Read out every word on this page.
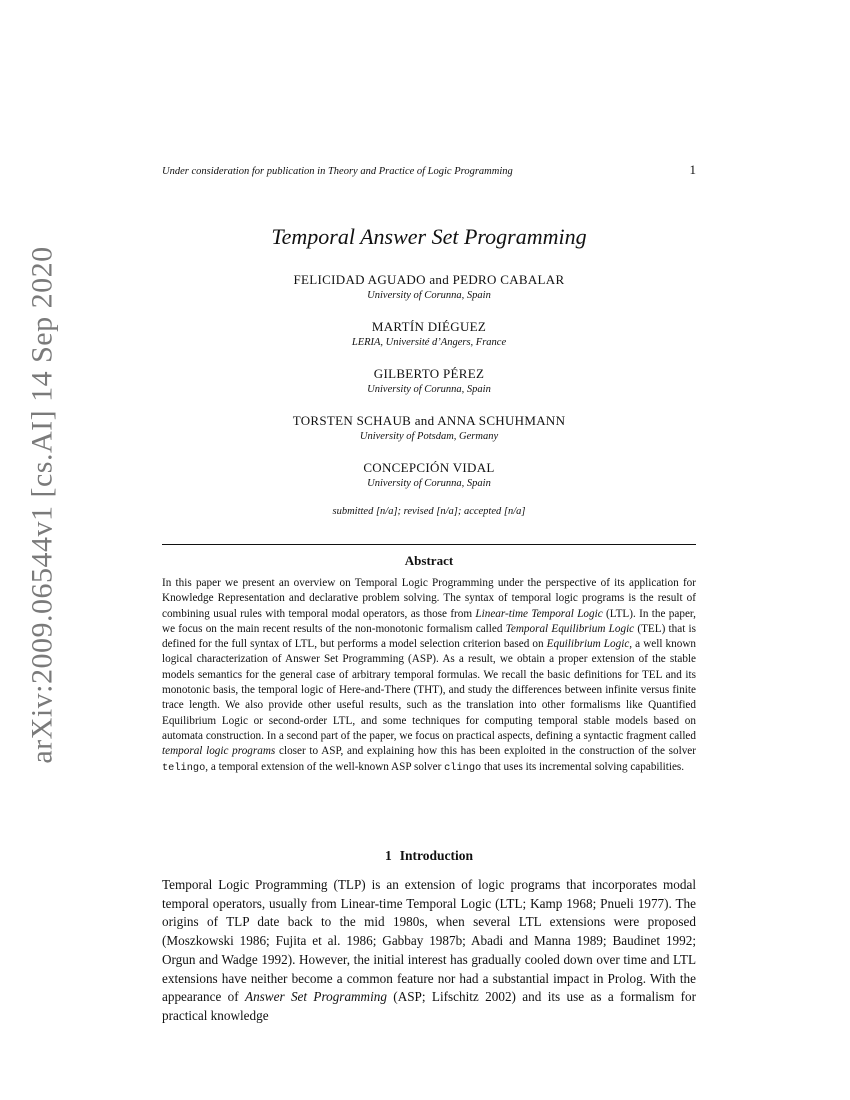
arXiv:2009.06544v1 [cs.AI] 14 Sep 2020
Under consideration for publication in Theory and Practice of Logic Programming	1
Temporal Answer Set Programming
FELICIDAD AGUADO and PEDRO CABALAR
University of Corunna, Spain
MARTÍN DIÉGUEZ
LERIA, Université d’Angers, France
GILBERTO PÉREZ
University of Corunna, Spain
TORSTEN SCHAUB and ANNA SCHUHMANN
University of Potsdam, Germany
CONCEPCIÓN VIDAL
University of Corunna, Spain
submitted [n/a]; revised [n/a]; accepted [n/a]
Abstract

In this paper we present an overview on Temporal Logic Programming under the perspective of its application for Knowledge Representation and declarative problem solving. The syntax of temporal logic programs is the result of combining usual rules with temporal modal operators, as those from Linear-time Temporal Logic (LTL). In the paper, we focus on the main recent results of the non-monotonic formalism called Temporal Equilibrium Logic (TEL) that is defined for the full syntax of LTL, but performs a model selection criterion based on Equilibrium Logic, a well known logical characterization of Answer Set Programming (ASP). As a result, we obtain a proper extension of the stable models semantics for the general case of arbitrary temporal formulas. We recall the basic definitions for TEL and its monotonic basis, the temporal logic of Here-and-There (THT), and study the differences between infinite versus finite trace length. We also provide other useful results, such as the translation into other formalisms like Quantified Equilibrium Logic or second-order LTL, and some techniques for computing temporal stable models based on automata construction. In a second part of the paper, we focus on practical aspects, defining a syntactic fragment called temporal logic programs closer to ASP, and explaining how this has been exploited in the construction of the solver telingo, a temporal extension of the well-known ASP solver clingo that uses its incremental solving capabilities.

1 Introduction

Temporal Logic Programming (TLP) is an extension of logic programs that incorporates modal temporal operators, usually from Linear-time Temporal Logic (LTL; Kamp 1968; Pnueli 1977). The origins of TLP date back to the mid 1980s, when several LTL extensions were proposed (Moszkowski 1986; Fujita et al. 1986; Gabbay 1987b; Abadi and Manna 1989; Baudinet 1992; Orgun and Wadge 1992). However, the initial interest has gradually cooled down over time and LTL extensions have neither become a common feature nor had a substantial impact in Prolog. With the appearance of Answer Set Programming (ASP; Lifschitz 2002) and its use as a formalism for practical knowledge
